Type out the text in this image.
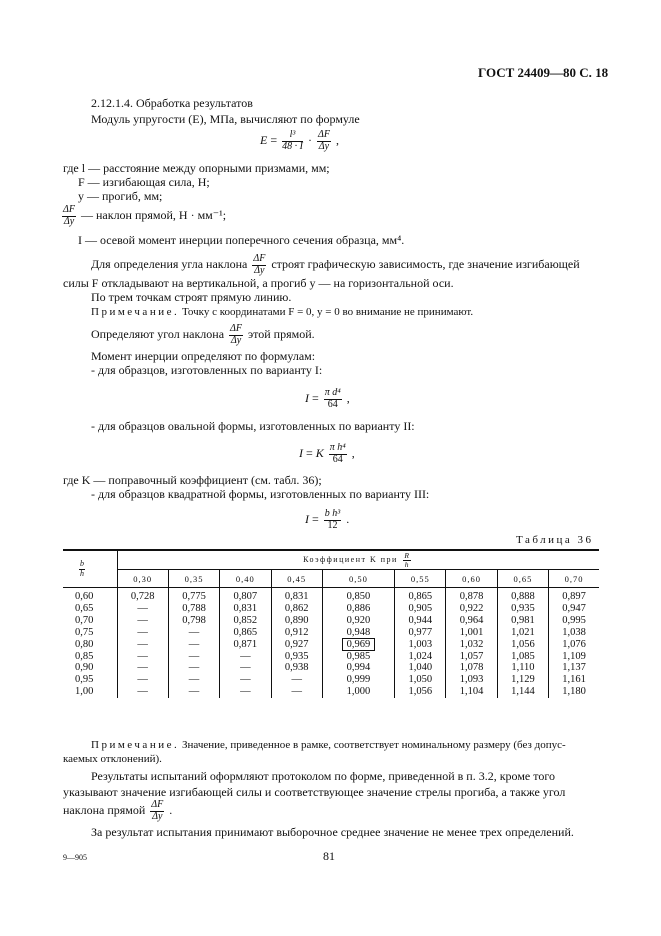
ГОСТ 24409—80 С. 18
2.12.1.4. Обработка результатов
Модуль упругости (Е), МПа, вычисляют по формуле
$E = \frac{\text{l³}}{48 \cdot I} \cdot \frac{\Delta F}{\Delta y}$ ,
где l — расстояние между опорными призмами, мм;
F — изгибающая сила, Н;
y — прогиб, мм;
$\frac{\Delta F}{\Delta y}$ — наклон прямой, Н · мм⁻¹;
I — осевой момент инерции поперечного сечения образца, мм⁴.
Для определения угла наклона $\frac{\Delta F}{\Delta y}$ строят графическую зависимость, где значение изгибающей
силы F откладывают на вертикальной, а прогиб y — на горизонтальной оси.
По трем точкам строят прямую линию.
Примечание. Точку с координатами F = 0, y = 0 во внимание не принимают.
Определяют угол наклона $\frac{\Delta F}{\Delta y}$ этой прямой.
Момент инерции определяют по формулам:
- для образцов, изготовленных по варианту I:
$I = \frac{\text{π d⁴}}{64}$ ,
- для образцов овальной формы, изготовленных по варианту II:
I = K $\frac{\text{π h⁴}}{64}$ ,
где K — поправочный коэффициент (см. табл. 36);
- для образцов квадратной формы, изготовленных по варианту III:
$I = \frac{\text{b h³}}{12}$ .
Таблица 36
$\frac{b}{h}$	Коэффициент K при $\frac{R}{h}$

	0,30	0,35	0,40	0,45	0,50	0,55	0,60	0,65	0,70
0,60	0,728	0,775	0,807	0,831	0,850	0,865	0,878	0,888	0,897
0,65	—	0,788	0,831	0,862	0,886	0,905	0,922	0,935	0,947
0,70	—	0,798	0,852	0,890	0,920	0,944	0,964	0,981	0,995
0,75	—	—	0,865	0,912	0,948	0,977	1,001	1,021	1,038
0,80	—	—	0,871	0,927	0,969	1,003	1,032	1,056	1,076
0,85	—	—	—	0,935	0,985	1,024	1,057	1,085	1,109
0,90	—	—	—	0,938	0,994	1,040	1,078	1,110	1,137
0,95	—	—	—	—	0,999	1,050	1,093	1,129	1,161
1,00	—	—	—	—	1,000	1,056	1,104	1,144	1,180
Примечание. Значение, приведенное в рамке, соответствует номинальному размеру (без допус-
каемых отклонений).
Результаты испытаний оформляют протоколом по форме, приведенной в п. 3.2, кроме того
указывают значение изгибающей силы и соответствующее значение стрелы прогиба, а также угол
наклона прямой $\frac{\Delta F}{\Delta y}$ .
За результат испытания принимают выборочное среднее значение не менее трех определений.
9—905	81
